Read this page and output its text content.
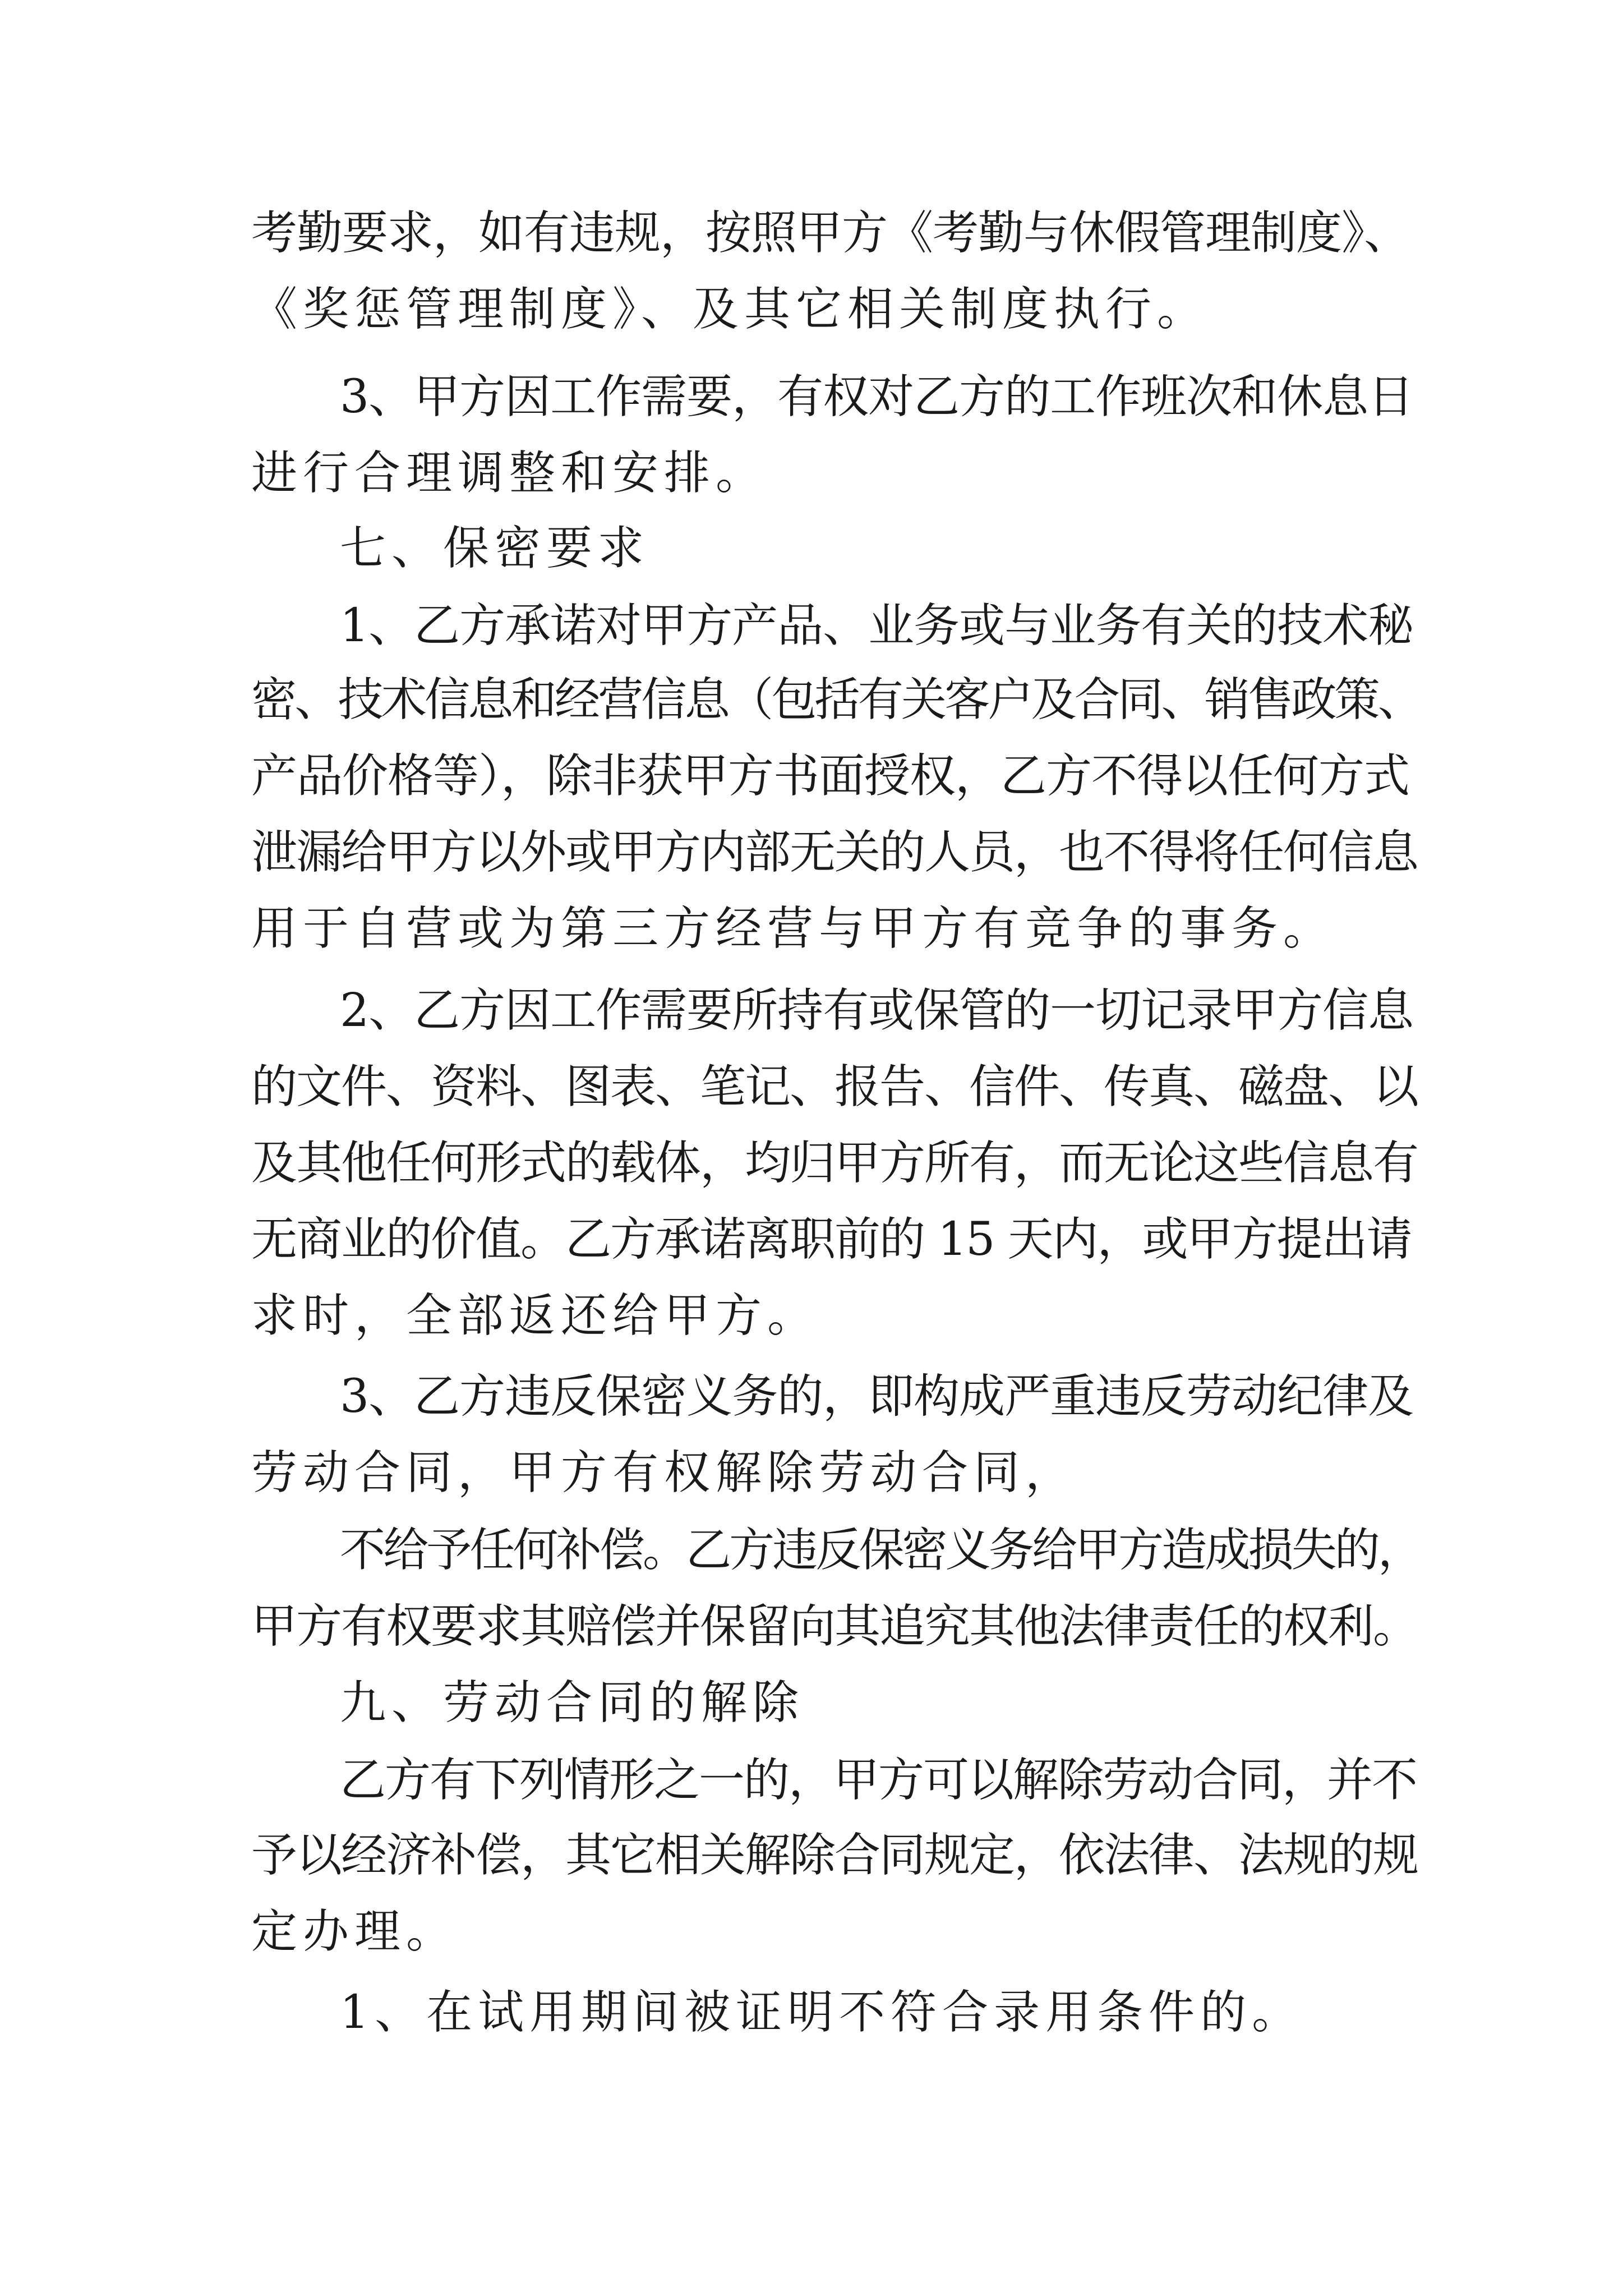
考勤要求，如有违规，按照甲方《考勤与休假管理制度》、
《奖惩管理制度》、及其它相关制度执行。
3、甲方因工作需要，有权对乙方的工作班次和休息日
进行合理调整和安排。
七、保密要求
1、乙方承诺对甲方产品、业务或与业务有关的技术秘
密、技术信息和经营信息（包括有关客户及合同、销售政策、
产品价格等），除非获甲方书面授权，乙方不得以任何方式
泄漏给甲方以外或甲方内部无关的人员，也不得将任何信息
用于自营或为第三方经营与甲方有竞争的事务。
2、乙方因工作需要所持有或保管的一切记录甲方信息
的文件、资料、图表、笔记、报告、信件、传真、磁盘、以
及其他任何形式的载体，均归甲方所有，而无论这些信息有
无商业的价值。乙方承诺离职前的 15 天内，或甲方提出请
求时，全部返还给甲方。
3、乙方违反保密义务的，即构成严重违反劳动纪律及
劳动合同，甲方有权解除劳动合同，
不给予任何补偿。乙方违反保密义务给甲方造成损失的，
甲方有权要求其赔偿并保留向其追究其他法律责任的权利。
九、劳动合同的解除
乙方有下列情形之一的，甲方可以解除劳动合同，并不
予以经济补偿，其它相关解除合同规定，依法律、法规的规
定办理。
1、在试用期间被证明不符合录用条件的。
